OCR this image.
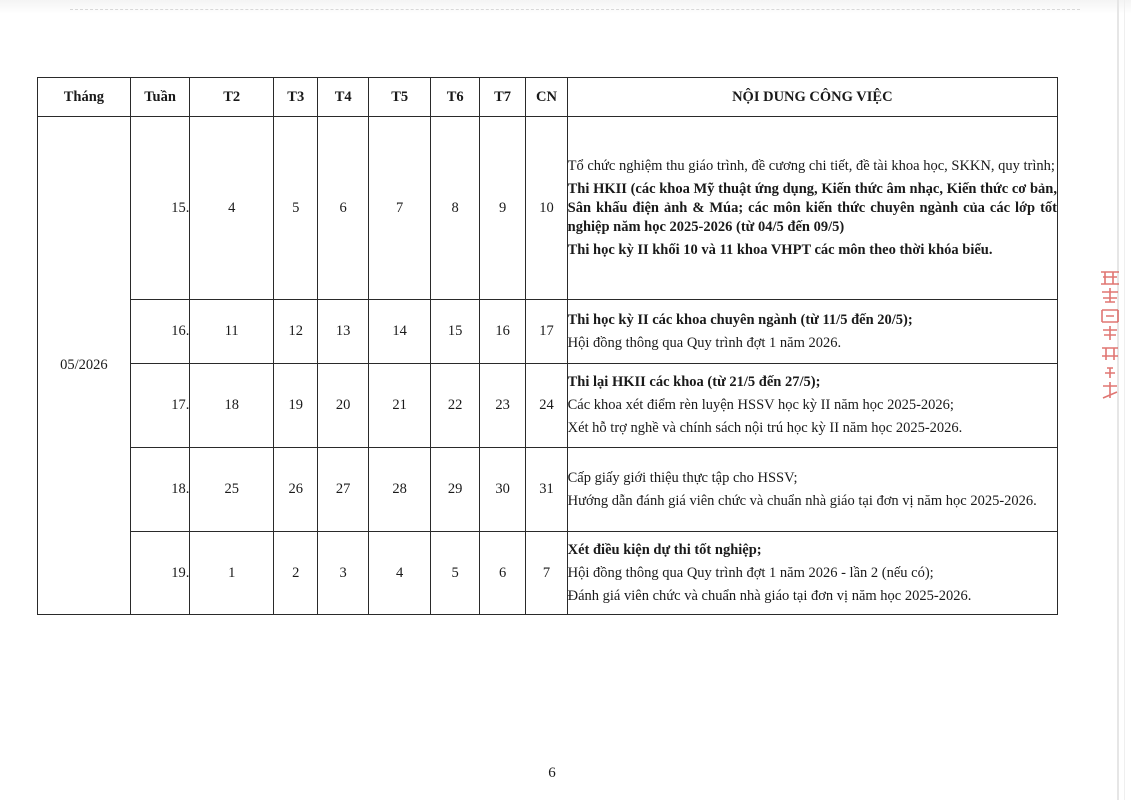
Tháng	Tuần	T2	T3	T4	T5	T6	T7	CN	NỘI DUNG CÔNG VIỆC
05/2026	15.	4	5	6	7	8	9	10	Tổ chức nghiệm thu giáo trình, đề cương chi tiết, đề tài khoa học, SKKN, quy trình;
Thi HKII (các khoa Mỹ thuật ứng dụng, Kiến thức âm nhạc, Kiến thức cơ bản, Sân khấu điện ảnh & Múa; các môn kiến thức chuyên ngành của các lớp tốt nghiệp năm học 2025-2026 (từ 04/5 đến 09/5)
Thi học kỳ II khối 10 và 11 khoa VHPT các môn theo thời khóa biểu.

	16.	11	12	13	14	15	16	17	Thi học kỳ II các khoa chuyên ngành (từ 11/5 đến 20/5);
Hội đồng thông qua Quy trình đợt 1 năm 2026.

	17.	18	19	20	21	22	23	24	Thi lại HKII các khoa (từ 21/5 đến 27/5);
Các khoa xét điểm rèn luyện HSSV học kỳ II năm học 2025-2026;
Xét hỗ trợ nghề và chính sách nội trú học kỳ II năm học 2025-2026.

	18.	25	26	27	28	29	30	31	Cấp giấy giới thiệu thực tập cho HSSV;
Hướng dẫn đánh giá viên chức và chuẩn nhà giáo tại đơn vị năm học 2025-2026.

	19.	1	2	3	4	5	6	7	Xét điều kiện dự thi tốt nghiệp;
Hội đồng thông qua Quy trình đợt 1 năm 2026 - lần 2 (nếu có);
Đánh giá viên chức và chuẩn nhà giáo tại đơn vị năm học 2025-2026.
6
